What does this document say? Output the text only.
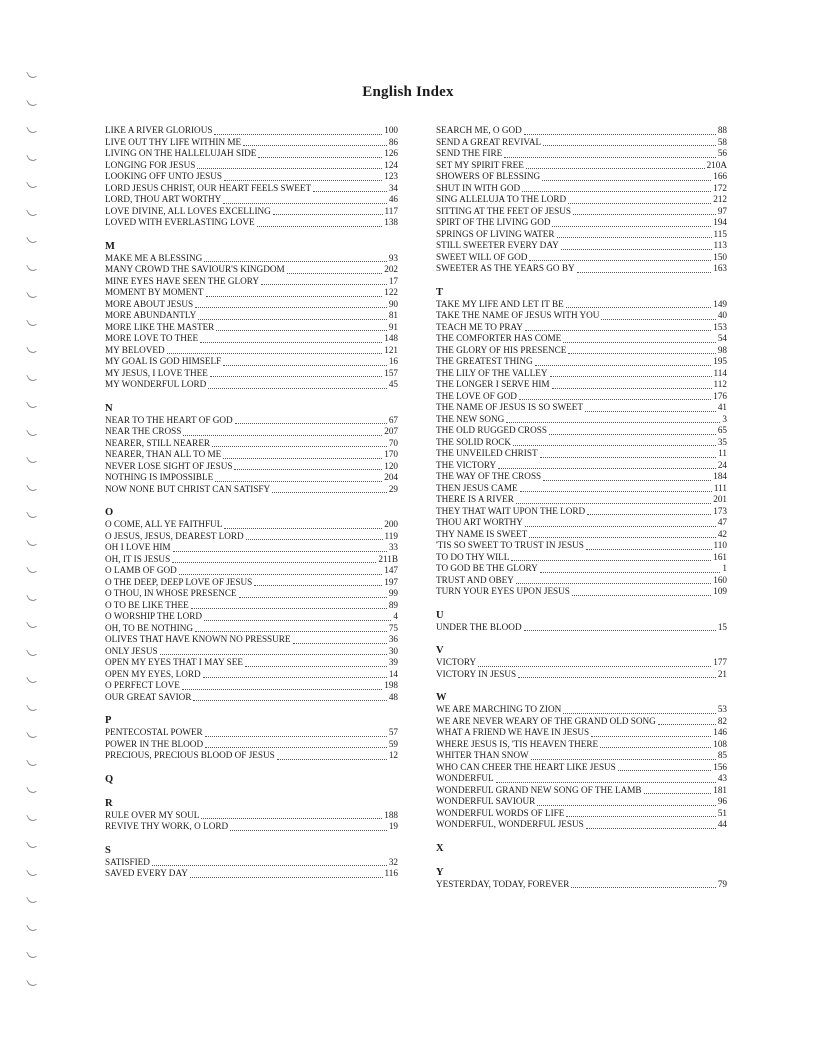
English Index
LIKE A RIVER GLORIOUS	100
LIVE OUT THY LIFE WITHIN ME	86
LIVING ON THE HALLELUJAH SIDE	126
LONGING FOR JESUS	124
LOOKING OFF UNTO JESUS	123
LORD JESUS CHRIST, OUR HEART FEELS SWEET	34
LORD, THOU ART WORTHY	46
LOVE DIVINE, ALL LOVES EXCELLING	117
LOVED WITH EVERLASTING LOVE	138
M
MAKE ME A BLESSING	93
MANY CROWD THE SAVIOUR'S KINGDOM	202
MINE EYES HAVE SEEN THE GLORY	17
MOMENT BY MOMENT	122
MORE ABOUT JESUS	90
MORE ABUNDANTLY	81
MORE LIKE THE MASTER	91
MORE LOVE TO THEE	148
MY BELOVED	121
MY GOAL IS GOD HIMSELF	16
MY JESUS, I LOVE THEE	157
MY WONDERFUL LORD	45
N
NEAR TO THE HEART OF GOD	67
NEAR THE CROSS	207
NEARER, STILL NEARER	70
NEARER, THAN ALL TO ME	170
NEVER LOSE SIGHT OF JESUS	120
NOTHING IS IMPOSSIBLE	204
NOW NONE BUT CHRIST CAN SATISFY	29
O
O COME, ALL YE FAITHFUL	200
O JESUS, JESUS, DEAREST LORD	119
OH I LOVE HIM	33
OH, IT IS JESUS	211B
O LAMB OF GOD	147
O THE DEEP, DEEP LOVE OF JESUS	197
O THOU, IN WHOSE PRESENCE	99
O TO BE LIKE THEE	89
O WORSHIP THE LORD	4
OH, TO BE NOTHING	75
OLIVES THAT HAVE KNOWN NO PRESSURE	36
ONLY JESUS	30
OPEN MY EYES THAT I MAY SEE	39
OPEN MY EYES, LORD	14
O PERFECT LOVE	198
OUR GREAT SAVIOR	48
P
PENTECOSTAL POWER	57
POWER IN THE BLOOD	59
PRECIOUS, PRECIOUS BLOOD OF JESUS	12
Q
R
RULE OVER MY SOUL	188
REVIVE THY WORK, O LORD	19
S
SATISFIED	32
SAVED EVERY DAY	116
SEARCH ME, O GOD	88
SEND A GREAT REVIVAL	58
SEND THE FIRE	56
SET MY SPIRIT FREE	210A
SHOWERS OF BLESSING	166
SHUT IN WITH GOD	172
SING ALLELUJA TO THE LORD	212
SITTING AT THE FEET OF JESUS	97
SPIRT OF THE LIVING GOD	194
SPRINGS OF LIVING WATER	115
STILL SWEETER EVERY DAY	113
SWEET WILL OF GOD	150
SWEETER AS THE YEARS GO BY	163
T
TAKE MY LIFE AND LET IT BE	149
TAKE THE NAME OF JESUS WITH YOU	40
TEACH ME TO PRAY	153
THE COMFORTER HAS COME	54
THE GLORY OF HIS PRESENCE	98
THE GREATEST THING	195
THE LILY OF THE VALLEY	114
THE LONGER I SERVE HIM	112
THE LOVE OF GOD	176
THE NAME OF JESUS IS SO SWEET	41
THE NEW SONG	3
THE OLD RUGGED CROSS	65
THE SOLID ROCK	35
THE UNVEILED CHRIST	11
THE VICTORY	24
THE WAY OF THE CROSS	184
THEN JESUS CAME	111
THERE IS A RIVER	201
THEY THAT WAIT UPON THE LORD	173
THOU ART WORTHY	47
THY NAME IS SWEET	42
'TIS SO SWEET TO TRUST IN JESUS	110
TO DO THY WILL	161
TO GOD BE THE GLORY	1
TRUST AND OBEY	160
TURN YOUR EYES UPON JESUS	109
U
UNDER THE BLOOD	15
V
VICTORY	177
VICTORY IN JESUS	21
W
WE ARE MARCHING TO ZION	53
WE ARE NEVER WEARY OF THE GRAND OLD SONG	82
WHAT A FRIEND WE HAVE IN JESUS	146
WHERE JESUS IS, 'TIS HEAVEN THERE	108
WHITER THAN SNOW	85
WHO CAN CHEER THE HEART LIKE JESUS	156
WONDERFUL	43
WONDERFUL GRAND NEW SONG OF THE LAMB	181
WONDERFUL SAVIOUR	96
WONDERFUL WORDS OF LIFE	51
WONDERFUL, WONDERFUL JESUS	44
X
Y
YESTERDAY, TODAY, FOREVER	79
